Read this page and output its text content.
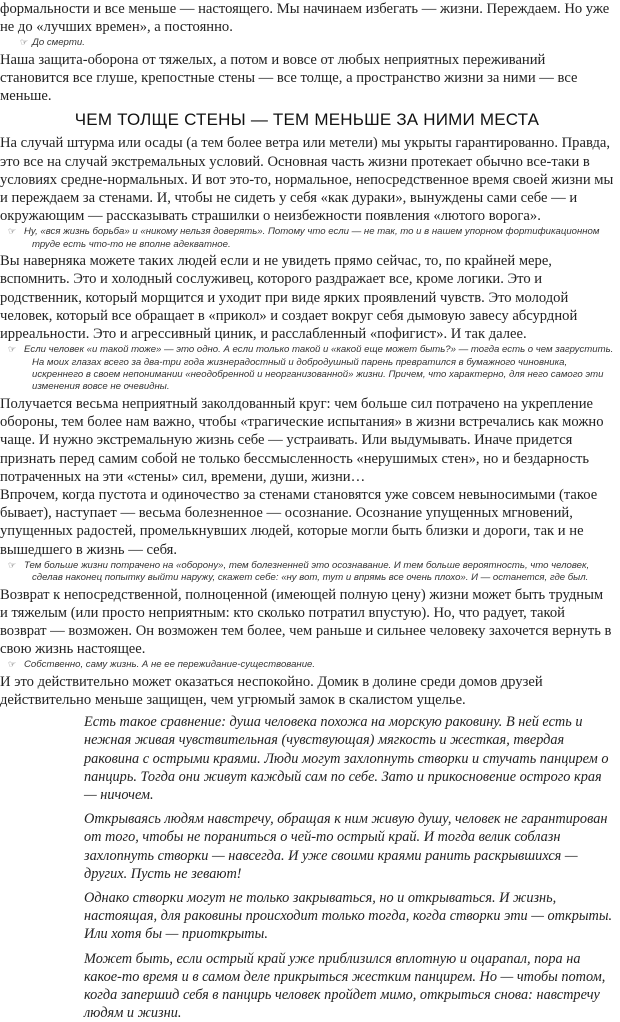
формальности и все меньше — настоящего. Мы начинаем избегать — жизни. Переждаем. Но уже не до «лучших времен», а постоянно.

☞ До смерти.

Наша защита-оборона от тяжелых, а потом и вовсе от любых неприятных переживаний становится все глуше, крепостные стены — все толще, а пространство жизни за ними — все меньше.

ЧЕМ ТОЛЩЕ СТЕНЫ — ТЕМ МЕНЬШЕ ЗА НИМИ МЕСТА

На случай штурма или осады (а тем более ветра или метели) мы укрыты гарантированно. Правда, это все на случай экстремальных условий. Основная часть жизни протекает обычно все-таки в условиях средне-нормальных. И вот это-то, нормальное, непосредственное время своей жизни мы и переждаем за стенами. И, чтобы не сидеть у себя «как дураки», вынуждены сами себе — и окружающим — рассказывать страшилки о неизбежности появления «лютого ворога».

☞ Ну, «вся жизнь борьба» и «никому нельзя доверять». Потому что если — не так, то и в нашем упорном фортификационном труде есть что-то не вполне адекватное.

Вы наверняка можете таких людей если и не увидеть прямо сейчас, то, по крайней мере, вспомнить. Это и холодный сослуживец, которого раздражает все, кроме логики. Это и родственник, который морщится и уходит при виде ярких проявлений чувств. Это молодой человек, который все обращает в «прикол» и создает вокруг себя дымовую завесу абсурдной ирреальности. Это и агрессивный циник, и расслабленный «пофигист». И так далее.

☞ Если человек «и такой тоже» — это одно. А если только такой и «какой еще может быть?» — тогда есть о чем загрустить. На моих глазах всего за два-три года жизнерадостный и добродушный парень превратился в бумажного чиновника, искреннего в своем непонимании «неодобренной и неорганизованной» жизни. Причем, что характерно, для него самого эти изменения вовсе не очевидны.

Получается весьма неприятный заколдованный круг: чем больше сил потрачено на укрепление обороны, тем более нам важно, чтобы «трагические испытания» в жизни встречались как можно чаще. И нужно экстремальную жизнь себе — устраивать. Или выдумывать. Иначе придется признать перед самим собой не только бессмысленность «нерушимых стен», но и бездарность потраченных на эти «стены» сил, времени, души, жизни…

Впрочем, когда пустота и одиночество за стенами становятся уже совсем невыносимыми (такое бывает), наступает — весьма болезненное — осознание. Осознание упущенных мгновений, упущенных радостей, промелькнувших людей, которые могли быть близки и дороги, так и не вышедшего в жизнь — себя.

☞ Тем больше жизни потрачено на «оборону», тем болезненней это осознавание. И тем больше вероятность, что человек, сделав наконец попытку выйти наружу, скажет себе: «ну вот, тут и впрямь все очень плохо». И — останется, где был.

Возврат к непосредственной, полноценной (имеющей полную цену) жизни может быть трудным и тяжелым (или просто неприятным: кто сколько потратил впустую). Но, что радует, такой возврат — возможен. Он возможен тем более, чем раньше и сильнее человеку захочется вернуть в свою жизнь настоящее.

☞ Собственно, саму жизнь. А не ее пережидание-существование.

И это действительно может оказаться неспокойно. Домик в долине среди домов друзей действительно меньше защищен, чем угрюмый замок в скалистом ущелье.

Есть такое сравнение: душа человека похожа на морскую раковину. В ней есть и нежная живая чувствительная (чувствующая) мягкость и жесткая, твердая раковина с острыми краями. Люди могут захлопнуть створки и стучать панцирем о панцирь. Тогда они живут каждый сам по себе. Зато и прикосновение острого края — ничочем.

Открываясь людям навстречу, обращая к ним живую душу, человек не гарантирован от того, чтобы не пораниться о чей-то острый край. И тогда велик соблазн захлопнуть створки — навсегда. И уже своими краями ранить раскрывшихся — других. Пусть не зевают!

Однако створки могут не только закрываться, но и открываться. И жизнь, настоящая, для раковины происходит только тогда, когда створки эти — открыты. Или хотя бы — приоткрыты.

Может быть, если острый край уже приблизился вплотную и оцарапал, пора на какое-то время и в самом деле прикрыться жестким панцирем. Но — чтобы потом, когда запершид себя в панцирь человек пройдет мимо, открыться снова: навстречу людям и жизни.
